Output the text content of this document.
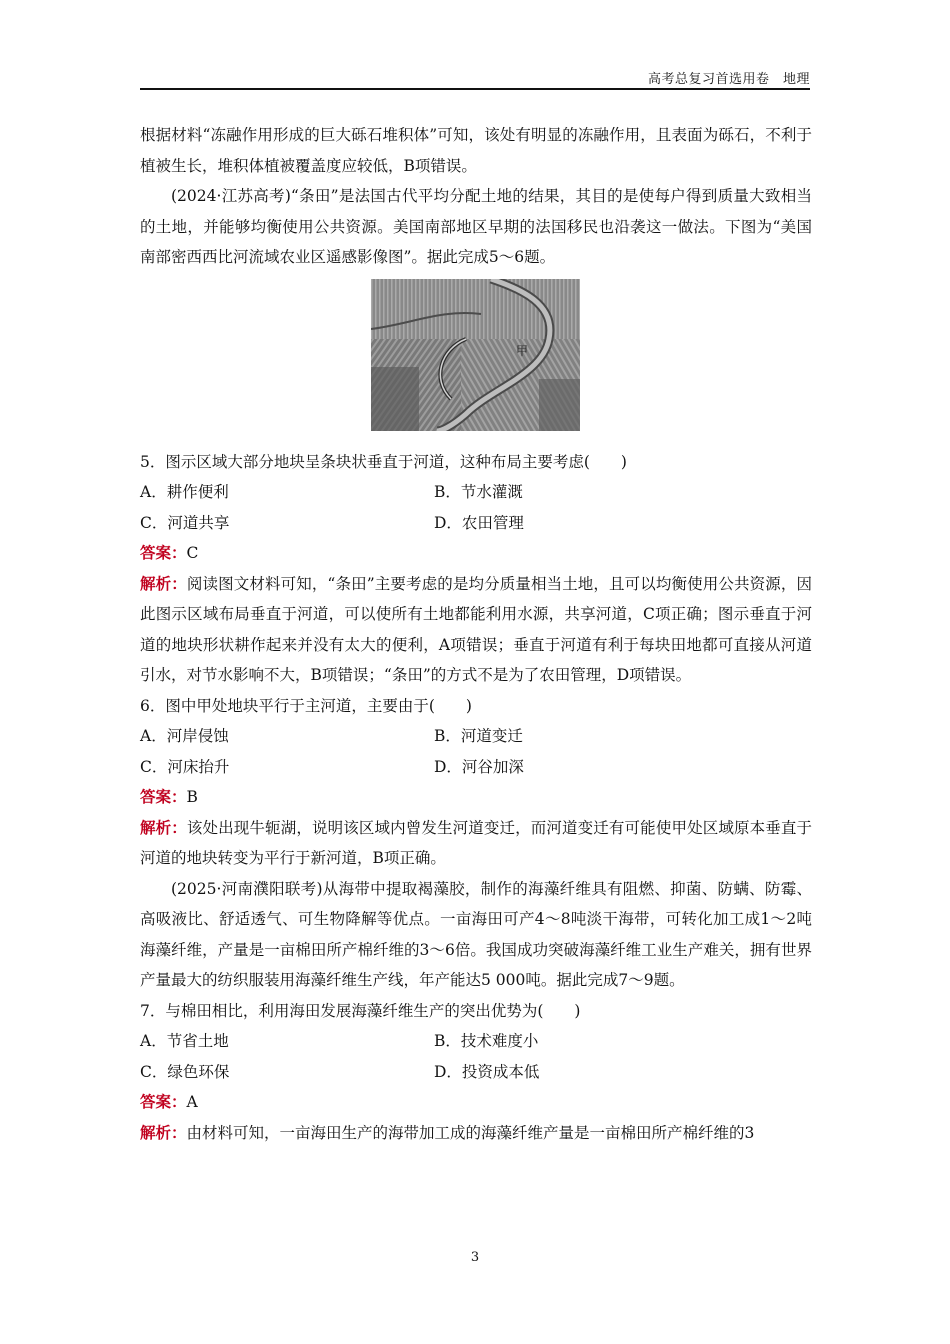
高考总复习首选用卷　地理

根据材料“冻融作用形成的巨大砾石堆积体”可知，该处有明显的冻融作用，且表面为砾石，不利于植被生长，堆积体植被覆盖度应较低，B项错误。

(2024·江苏高考)“条田”是法国古代平均分配土地的结果，其目的是使每户得到质量大致相当的土地，并能够均衡使用公共资源。美国南部地区早期的法国移民也沿袭这一做法。下图为“美国南部密西西比河流域农业区遥感影像图”。据此完成5～6题。

甲

5．图示区域大部分地块呈条块状垂直于河道，这种布局主要考虑(　　)

A．耕作便利	B．节水灌溉
C．河道共享	D．农田管理

答案：C

解析：阅读图文材料可知，“条田”主要考虑的是均分质量相当土地，且可以均衡使用公共资源，因此图示区域布局垂直于河道，可以使所有土地都能利用水源，共享河道，C项正确；图示垂直于河道的地块形状耕作起来并没有太大的便利，A项错误；垂直于河道有利于每块田地都可直接从河道引水，对节水影响不大，B项错误；“条田”的方式不是为了农田管理，D项错误。

6．图中甲处地块平行于主河道，主要由于(　　)

A．河岸侵蚀	B．河道变迁
C．河床抬升	D．河谷加深

答案：B

解析：该处出现牛轭湖，说明该区域内曾发生河道变迁，而河道变迁有可能使甲处区域原本垂直于河道的地块转变为平行于新河道，B项正确。

(2025·河南濮阳联考)从海带中提取褐藻胶，制作的海藻纤维具有阻燃、抑菌、防螨、防霉、高吸液比、舒适透气、可生物降解等优点。一亩海田可产4～8吨淡干海带，可转化加工成1～2吨海藻纤维，产量是一亩棉田所产棉纤维的3～6倍。我国成功突破海藻纤维工业生产难关，拥有世界产量最大的纺织服装用海藻纤维生产线，年产能达5 000吨。据此完成7～9题。

7．与棉田相比，利用海田发展海藻纤维生产的突出优势为(　　)

A．节省土地	B．技术难度小
C．绿色环保	D．投资成本低

答案：A

解析：由材料可知，一亩海田生产的海带加工成的海藻纤维产量是一亩棉田所产棉纤维的3

3
